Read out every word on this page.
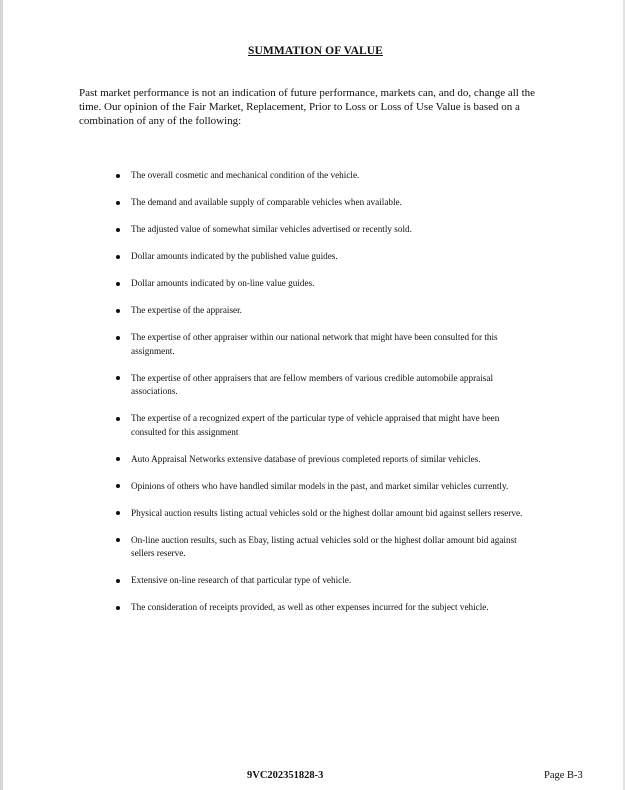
SUMMATION OF VALUE

Past market performance is not an indication of future performance, markets can, and do, change all the time. Our opinion of the Fair Market, Replacement, Prior to Loss or Loss of Use Value is based on a combination of any of the following:

The overall cosmetic and mechanical condition of the vehicle.
The demand and available supply of comparable vehicles when available.
The adjusted value of somewhat similar vehicles advertised or recently sold.
Dollar amounts indicated by the published value guides.
Dollar amounts indicated by on-line value guides.
The expertise of the appraiser.
The expertise of other appraiser within our national network that might have been consulted for this assignment.
The expertise of other appraisers that are fellow members of various credible automobile appraisal associations.
The expertise of a recognized expert of the particular type of vehicle appraised that might have been consulted for this assignment
Auto Appraisal Networks extensive database of previous completed reports of similar vehicles.
Opinions of others who have handled similar models in the past, and market similar vehicles currently.
Physical auction results listing actual vehicles sold or the highest dollar amount bid against sellers reserve.
On-line auction results, such as Ebay, listing actual vehicles sold or the highest dollar amount bid against sellers reserve.
Extensive on-line research of that particular type of vehicle.
The consideration of receipts provided, as well as other expenses incurred for the subject vehicle.
9VC202351828-3	Page B-3
